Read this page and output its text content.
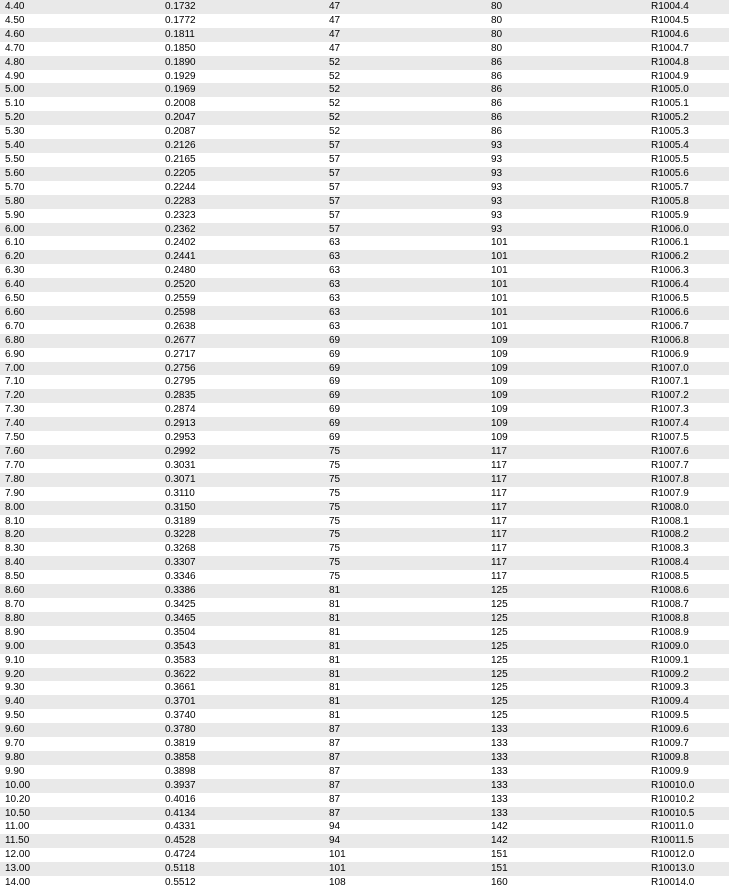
4.40	0.1732	47	80	R1004.4
4.50	0.1772	47	80	R1004.5
4.60	0.1811	47	80	R1004.6
4.70	0.1850	47	80	R1004.7
4.80	0.1890	52	86	R1004.8
4.90	0.1929	52	86	R1004.9
5.00	0.1969	52	86	R1005.0
5.10	0.2008	52	86	R1005.1
5.20	0.2047	52	86	R1005.2
5.30	0.2087	52	86	R1005.3
5.40	0.2126	57	93	R1005.4
5.50	0.2165	57	93	R1005.5
5.60	0.2205	57	93	R1005.6
5.70	0.2244	57	93	R1005.7
5.80	0.2283	57	93	R1005.8
5.90	0.2323	57	93	R1005.9
6.00	0.2362	57	93	R1006.0
6.10	0.2402	63	101	R1006.1
6.20	0.2441	63	101	R1006.2
6.30	0.2480	63	101	R1006.3
6.40	0.2520	63	101	R1006.4
6.50	0.2559	63	101	R1006.5
6.60	0.2598	63	101	R1006.6
6.70	0.2638	63	101	R1006.7
6.80	0.2677	69	109	R1006.8
6.90	0.2717	69	109	R1006.9
7.00	0.2756	69	109	R1007.0
7.10	0.2795	69	109	R1007.1
7.20	0.2835	69	109	R1007.2
7.30	0.2874	69	109	R1007.3
7.40	0.2913	69	109	R1007.4
7.50	0.2953	69	109	R1007.5
7.60	0.2992	75	117	R1007.6
7.70	0.3031	75	117	R1007.7
7.80	0.3071	75	117	R1007.8
7.90	0.3110	75	117	R1007.9
8.00	0.3150	75	117	R1008.0
8.10	0.3189	75	117	R1008.1
8.20	0.3228	75	117	R1008.2
8.30	0.3268	75	117	R1008.3
8.40	0.3307	75	117	R1008.4
8.50	0.3346	75	117	R1008.5
8.60	0.3386	81	125	R1008.6
8.70	0.3425	81	125	R1008.7
8.80	0.3465	81	125	R1008.8
8.90	0.3504	81	125	R1008.9
9.00	0.3543	81	125	R1009.0
9.10	0.3583	81	125	R1009.1
9.20	0.3622	81	125	R1009.2
9.30	0.3661	81	125	R1009.3
9.40	0.3701	81	125	R1009.4
9.50	0.3740	81	125	R1009.5
9.60	0.3780	87	133	R1009.6
9.70	0.3819	87	133	R1009.7
9.80	0.3858	87	133	R1009.8
9.90	0.3898	87	133	R1009.9
10.00	0.3937	87	133	R10010.0
10.20	0.4016	87	133	R10010.2
10.50	0.4134	87	133	R10010.5
11.00	0.4331	94	142	R10011.0
11.50	0.4528	94	142	R10011.5
12.00	0.4724	101	151	R10012.0
13.00	0.5118	101	151	R10013.0
14.00	0.5512	108	160	R10014.0
